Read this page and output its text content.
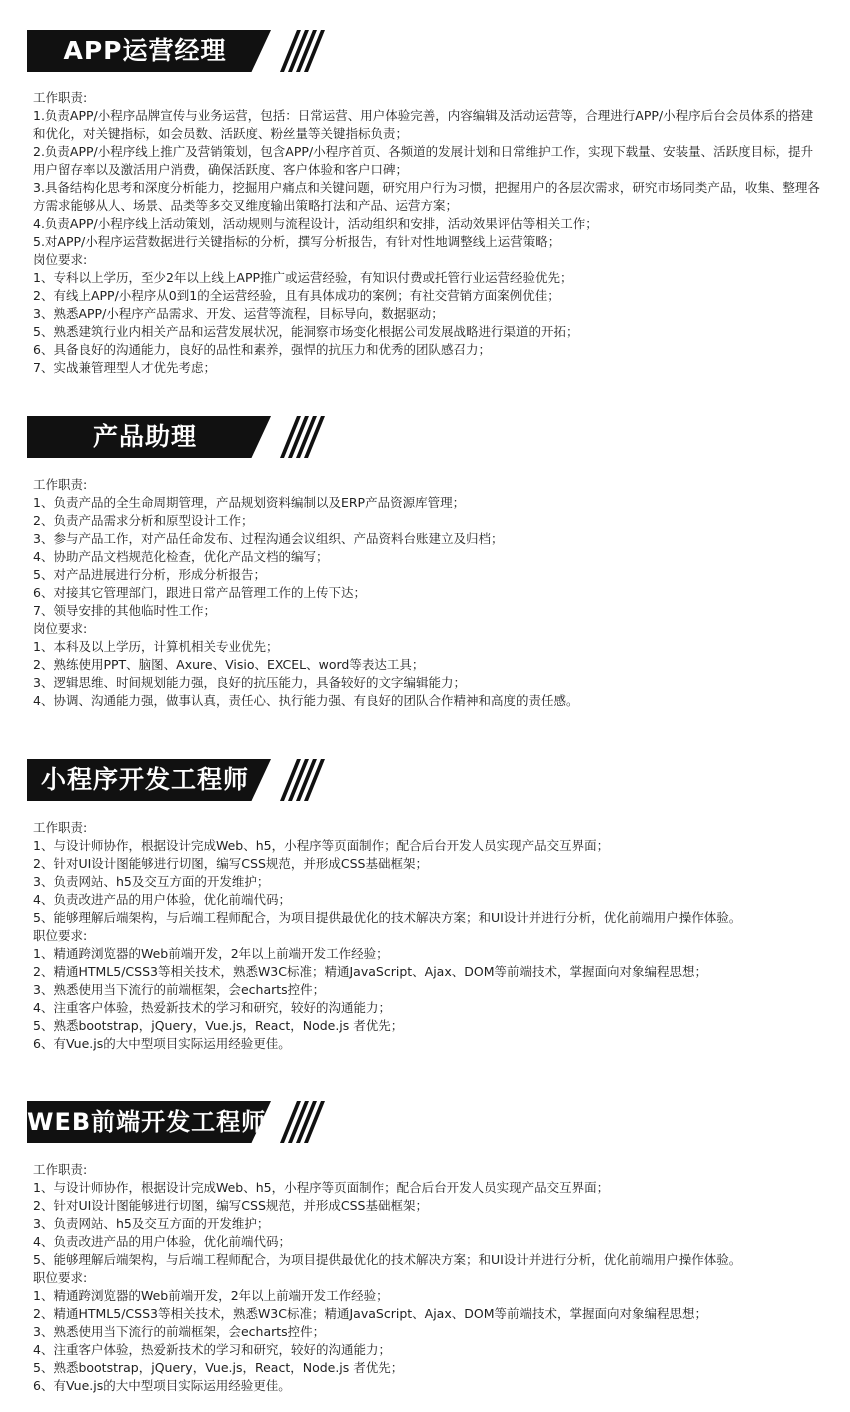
APP运营经理
工作职责:
1.负责APP/小程序品牌宣传与业务运营，包括：日常运营、用户体验完善，内容编辑及活动运营等，合理进行APP/小程序后台会员体系的搭建和优化，对关键指标，如会员数、活跃度、粉丝量等关键指标负责；
2.负责APP/小程序线上推广及营销策划，包含APP/小程序首页、各频道的发展计划和日常维护工作，实现下载量、安装量、活跃度目标，提升用户留存率以及激活用户消费，确保活跃度、客户体验和客户口碑；
3.具备结构化思考和深度分析能力，挖掘用户痛点和关键问题，研究用户行为习惯，把握用户的各层次需求，研究市场同类产品，收集、整理各方需求能够从人、场景、品类等多交叉维度输出策略打法和产品、运营方案；
4.负责APP/小程序线上活动策划，活动规则与流程设计，活动组织和安排，活动效果评估等相关工作；
5.对APP/小程序运营数据进行关键指标的分析，撰写分析报告，有针对性地调整线上运营策略；
岗位要求:
1、专科以上学历，至少2年以上线上APP推广或运营经验，有知识付费或托管行业运营经验优先；
2、有线上APP/小程序从0到1的全运营经验，且有具体成功的案例；有社交营销方面案例优佳；
3、熟悉APP/小程序产品需求、开发、运营等流程，目标导向，数据驱动；
5、熟悉建筑行业内相关产品和运营发展状况，能洞察市场变化根据公司发展战略进行渠道的开拓；
6、具备良好的沟通能力，良好的品性和素养，强悍的抗压力和优秀的团队感召力；
7、实战兼管理型人才优先考虑；
产品助理
工作职责:
1、负责产品的全生命周期管理，产品规划资料编制以及ERP产品资源库管理；
2、负责产品需求分析和原型设计工作；
3、参与产品工作，对产品任命发布、过程沟通会议组织、产品资料台账建立及归档；
4、协助产品文档规范化检查，优化产品文档的编写；
5、对产品进展进行分析，形成分析报告；
6、对接其它管理部门，跟进日常产品管理工作的上传下达；
7、领导安排的其他临时性工作；
岗位要求:
1、本科及以上学历，计算机相关专业优先；
2、熟练使用PPT、脑图、Axure、Visio、EXCEL、word等表达工具；
3、逻辑思维、时间规划能力强，良好的抗压能力，具备较好的文字编辑能力；
4、协调、沟通能力强，做事认真，责任心、执行能力强、有良好的团队合作精神和高度的责任感。
小程序开发工程师
工作职责:
1、与设计师协作，根据设计完成Web、h5，小程序等页面制作；配合后台开发人员实现产品交互界面；
2、针对UI设计图能够进行切图，编写CSS规范，并形成CSS基础框架；
3、负责网站、h5及交互方面的开发维护；
4、负责改进产品的用户体验，优化前端代码；
5、能够理解后端架构，与后端工程师配合，为项目提供最优化的技术解决方案；和UI设计并进行分析，优化前端用户操作体验。
职位要求:
1、精通跨浏览器的Web前端开发，2年以上前端开发工作经验；
2、精通HTML5/CSS3等相关技术，熟悉W3C标准；精通JavaScript、Ajax、DOM等前端技术，掌握面向对象编程思想；
3、熟悉使用当下流行的前端框架，会echarts控件；
4、注重客户体验，热爱新技术的学习和研究，较好的沟通能力；
5、熟悉bootstrap，jQuery，Vue.js，React，Node.js 者优先；
6、有Vue.js的大中型项目实际运用经验更佳。
WEB前端开发工程师
工作职责:
1、与设计师协作，根据设计完成Web、h5，小程序等页面制作；配合后台开发人员实现产品交互界面；
2、针对UI设计图能够进行切图，编写CSS规范，并形成CSS基础框架；
3、负责网站、h5及交互方面的开发维护；
4、负责改进产品的用户体验，优化前端代码；
5、能够理解后端架构，与后端工程师配合，为项目提供最优化的技术解决方案；和UI设计并进行分析，优化前端用户操作体验。
职位要求:
1、精通跨浏览器的Web前端开发，2年以上前端开发工作经验；
2、精通HTML5/CSS3等相关技术，熟悉W3C标准；精通JavaScript、Ajax、DOM等前端技术，掌握面向对象编程思想；
3、熟悉使用当下流行的前端框架，会echarts控件；
4、注重客户体验，热爱新技术的学习和研究，较好的沟通能力；
5、熟悉bootstrap，jQuery，Vue.js，React，Node.js 者优先；
6、有Vue.js的大中型项目实际运用经验更佳。
